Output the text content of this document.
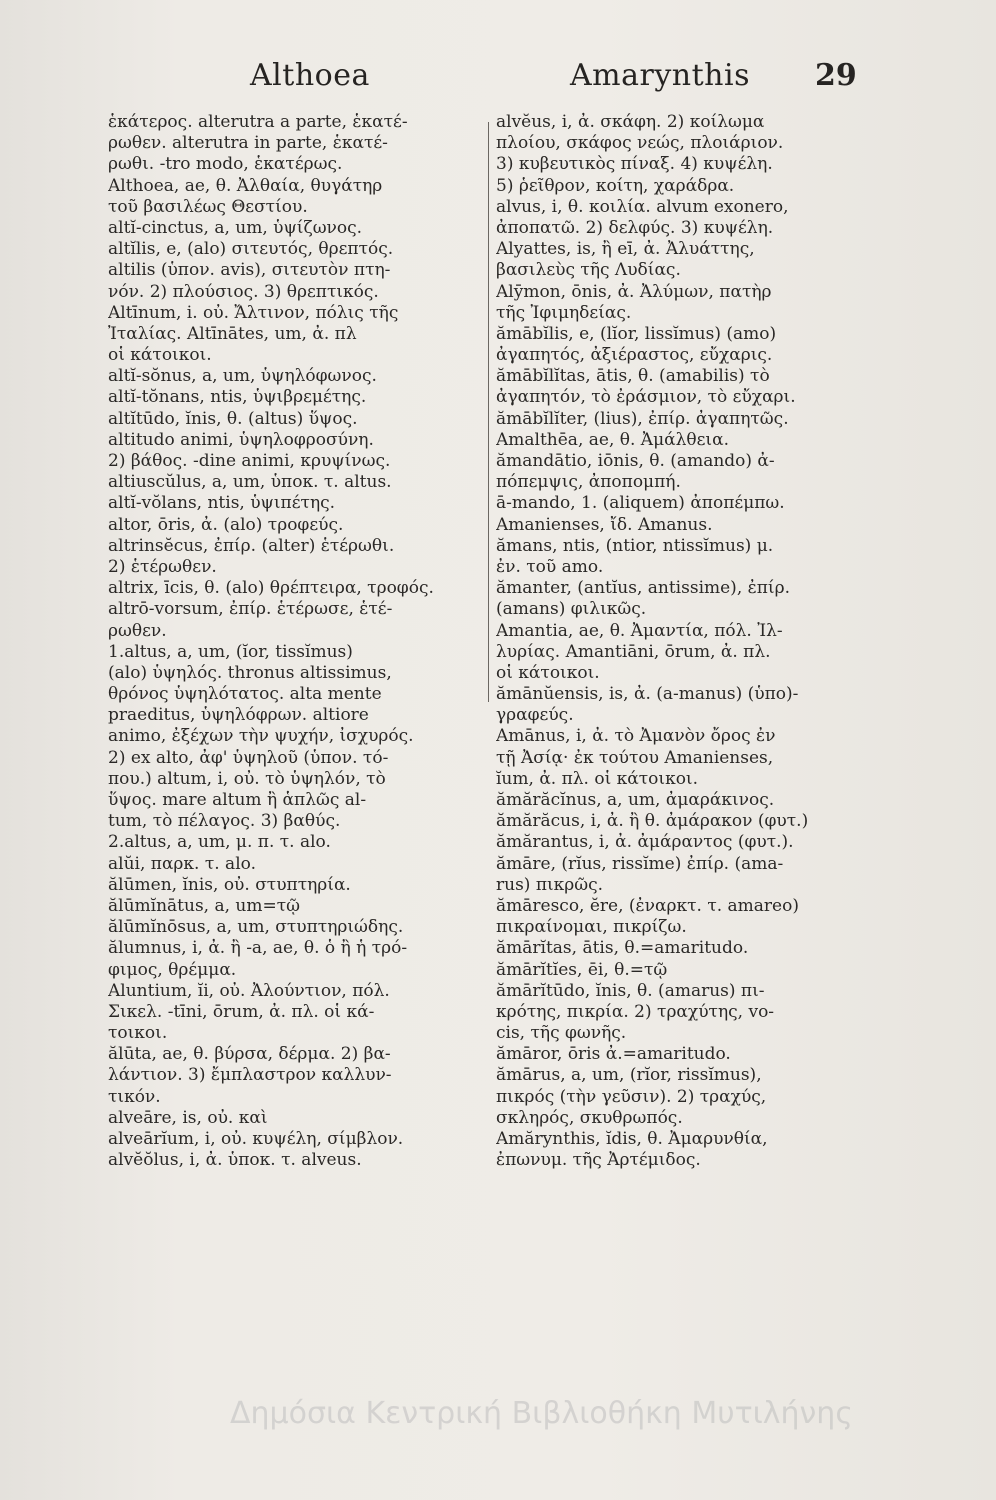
Althoea	Amarynthis 29
ἑκάτερος. alterutra a parte, ἑκατέ-
ρωθεν. alterutra in parte, ἑκατέ-
ρωθι. -tro modo, ἑκατέρως.
Althoea, ae, θ. Ἀλθαία, θυγάτηρ
τοῦ βασιλέως Θεστίου.
altĭ-cinctus, a, um, ὑψίζωνος.
altĭlis, e, (alo) σιτευτός, θρεπτός.
altilis (ὑπον. avis), σιτευτὸν πτη-
νόν. 2) πλούσιος. 3) θρεπτικός.
Altīnum, i. οὐ. Ἄλτινον, πόλις τῆς
Ἰταλίας. Altīnātes, um, ἀ. πλ
οἱ κάτοικοι.
altĭ-sŏnus, a, um, ὑψηλόφωνος.
altĭ-tŏnans, ntis, ὑψιβρεμέτης.
altĭtūdo, ĭnis, θ. (altus) ὕψος.
altitudo animi, ὑψηλοφροσύνη.
2) βάθος. -dine animi, κρυψίνως.
altiuscŭlus, a, um, ὑποκ. τ. altus.
altĭ-vŏlans, ntis, ὑψιπέτης.
altor, ōris, ἀ. (alo) τροφεύς.
altrinsĕcus, ἐπίρ. (alter) ἑτέρωθι.
2) ἑτέρωθεν.
altrix, īcis, θ. (alo) θρέπτειρα, τροφός.
altrō-vorsum, ἐπίρ. ἑτέρωσε, ἑτέ-
ρωθεν.
1.altus, a, um, (ĭor, tissĭmus)
(alo) ὑψηλός. thronus altissimus,
θρόνος ὑψηλότατος. alta mente
praeditus, ὑψηλόφρων. altiore
animo, ἐξέχων τὴν ψυχήν, ἰσχυρός.
2) ex alto, ἀφ' ὑψηλοῦ (ὑπον. τό-
που.) altum, i, οὐ. τὸ ὑψηλόν, τὸ
ὕψος. mare altum ἢ ἁπλῶς al-
tum, τὸ πέλαγος. 3) βαθύς.
2.altus, a, um, μ. π. τ. alo.
alŭi, παρκ. τ. alo.
ălūmen, ĭnis, οὐ. στυπτηρία.
ălūmĭnātus, a, um=τῷ
ălūmĭnōsus, a, um, στυπτηριώδης.
ălumnus, i, ἀ. ἢ -a, ae, θ. ὁ ἢ ἡ τρό-
φιμος, θρέμμα.
Aluntium, ĭi, οὐ. Ἀλούντιον, πόλ.
Σικελ. -tīni, ōrum, ἀ. πλ. οἱ κά-
τοικοι.
ălūta, ae, θ. βύρσα, δέρμα. 2) βα-
λάντιον. 3) ἔμπλαστρον καλλυν-
τικόν.
alveāre, is, οὐ. καὶ
alveārĭum, i, οὐ. κυψέλη, σίμβλον.
alvĕŏlus, i, ἀ. ὑποκ. τ. alveus.
alvĕus, i, ἀ. σκάφη. 2) κοίλωμα
πλοίου, σκάφος νεώς, πλοιάριον.
3) κυβευτικὸς πίναξ. 4) κυψέλη.
5) ῥεῖθρον, κοίτη, χαράδρα.
alvus, i, θ. κοιλία. alvum exonero,
ἀποπατῶ. 2) δελφύς. 3) κυψέλη.
Alyattes, is, ἢ eī, ἀ. Ἀλυάττης,
βασιλεὺς τῆς Λυδίας.
Alȳmon, ōnis, ἀ. Ἀλύμων, πατὴρ
τῆς Ἰφιμηδείας.
ămābĭlis, e, (lĭor, lissĭmus) (amo)
ἀγαπητός, ἀξιέραστος, εὔχαρις.
ămābĭlĭtas, ātis, θ. (amabilis) τὸ
ἀγαπητόν, τὸ ἐράσμιον, τὸ εὔχαρι.
ămābĭlĭter, (lius), ἐπίρ. ἀγαπητῶς.
Amalthēa, ae, θ. Ἀμάλθεια.
ămandātio, iōnis, θ. (amando) ἀ-
πόπεμψις, ἀποπομπή.
ā-mando, 1. (aliquem) ἀποπέμπω.
Amanienses, ἴδ. Amanus.
ămans, ntis, (ntior, ntissĭmus) μ.
ἐν. τοῦ amo.
ămanter, (antĭus, antissime), ἐπίρ.
(amans) φιλικῶς.
Amantia, ae, θ. Ἀμαντία, πόλ. Ἰλ-
λυρίας. Amantiāni, ōrum, ἀ. πλ.
οἱ κάτοικοι.
ămānŭensis, is, ἀ. (a-manus) (ὑπο)-
γραφεύς.
Amānus, i, ἀ. τὸ Ἀμανὸν ὄρος ἐν
τῇ Ἀσίᾳ· ἐκ τούτου Amanienses,
ĭum, ἀ. πλ. οἱ κάτοικοι.
ămărăcĭnus, a, um, ἀμαράκινος.
ămărăcus, i, ἀ. ἢ θ. ἀμάρακον (φυτ.)
ămărantus, i, ἀ. ἀμάραντος (φυτ.).
ămāre, (rĭus, rissĭme) ἐπίρ. (ama-
rus) πικρῶς.
ămāresco, ĕre, (ἐναρκτ. τ. amareo)
πικραίνομαι, πικρίζω.
ămārĭtas, ātis, θ.=amaritudo.
ămārĭtĭes, ēi, θ.=τῷ
ămārĭtūdo, ĭnis, θ. (amarus) πι-
κρότης, πικρία. 2) τραχύτης, vo-
cis, τῆς φωνῆς.
ămāror, ōris ἀ.=amaritudo.
ămārus, a, um, (rĭor, rissĭmus),
πικρός (τὴν γεῦσιν). 2) τραχύς,
σκληρός, σκυθρωπός.
Amărynthis, ĭdis, θ. Ἀμαρυνθία,
ἐπωνυμ. τῆς Ἀρτέμιδος.
Δημόσια Κεντρική Βιβλιοθήκη Μυτιλήνης
